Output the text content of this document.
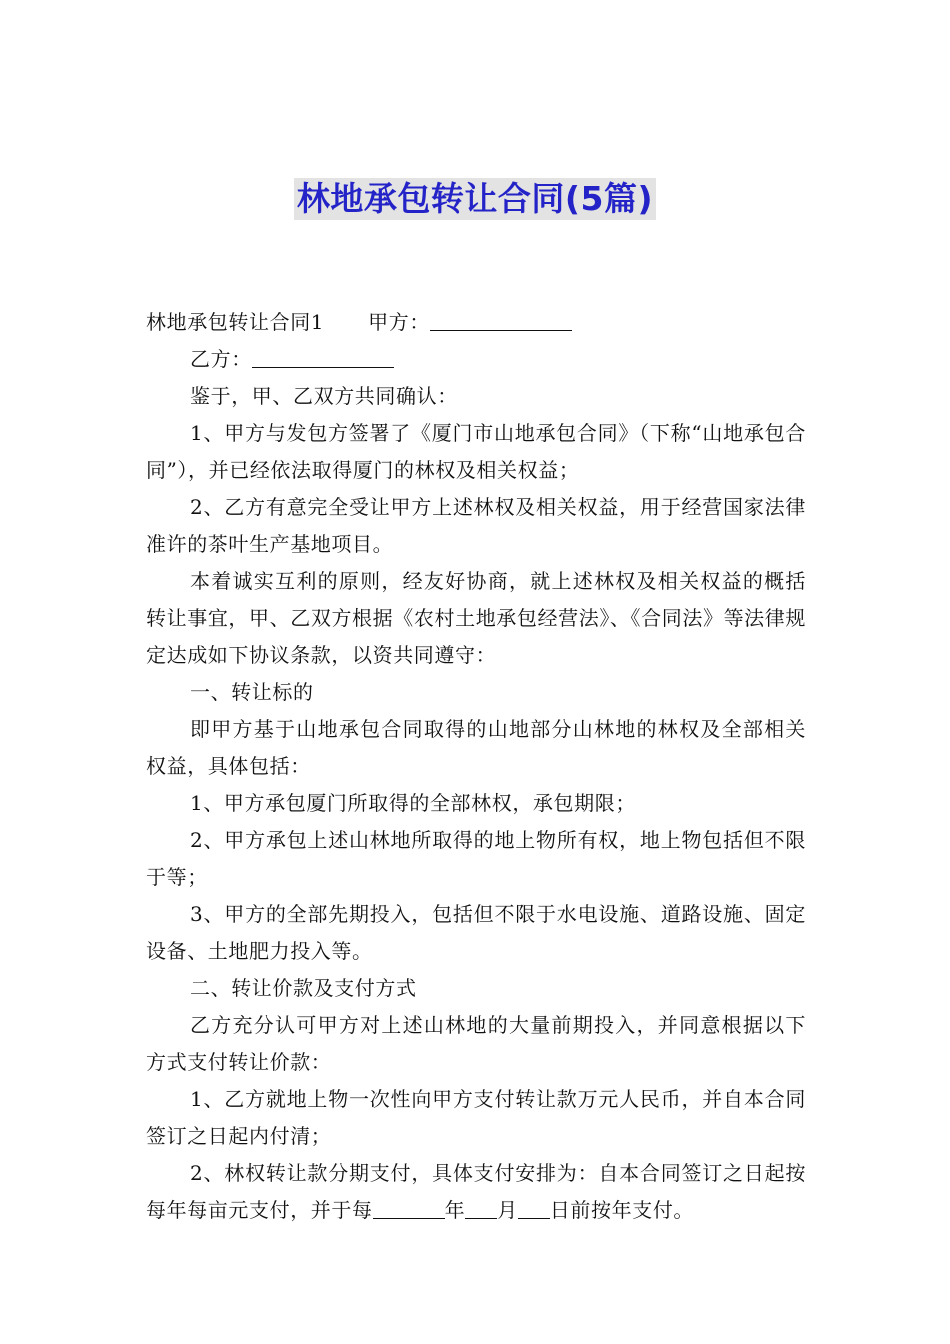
林地承包转让合同(5篇)

林地承包转让合同1 甲方：

乙方：

鉴于，甲、乙双方共同确认：

1、甲方与发包方签署了《厦门市山地承包合同》（下称“山地承包合同”），并已经依法取得厦门的林权及相关权益；

2、乙方有意完全受让甲方上述林权及相关权益，用于经营国家法律准许的茶叶生产基地项目。

本着诚实互利的原则，经友好协商，就上述林权及相关权益的概括转让事宜，甲、乙双方根据《农村土地承包经营法》、《合同法》等法律规定达成如下协议条款，以资共同遵守：

一、转让标的

即甲方基于山地承包合同取得的山地部分山林地的林权及全部相关权益，具体包括：

1、甲方承包厦门所取得的全部林权，承包期限；

2、甲方承包上述山林地所取得的地上物所有权，地上物包括但不限于等；

3、甲方的全部先期投入，包括但不限于水电设施、道路设施、固定设备、土地肥力投入等。

二、转让价款及支付方式

乙方充分认可甲方对上述山林地的大量前期投入，并同意根据以下方式支付转让价款：

1、乙方就地上物一次性向甲方支付转让款万元人民币，并自本合同签订之日起内付清；

2、林权转让款分期支付，具体支付安排为：自本合同签订之日起按每年每亩元支付，并于每	年 月 日前按年支付。
